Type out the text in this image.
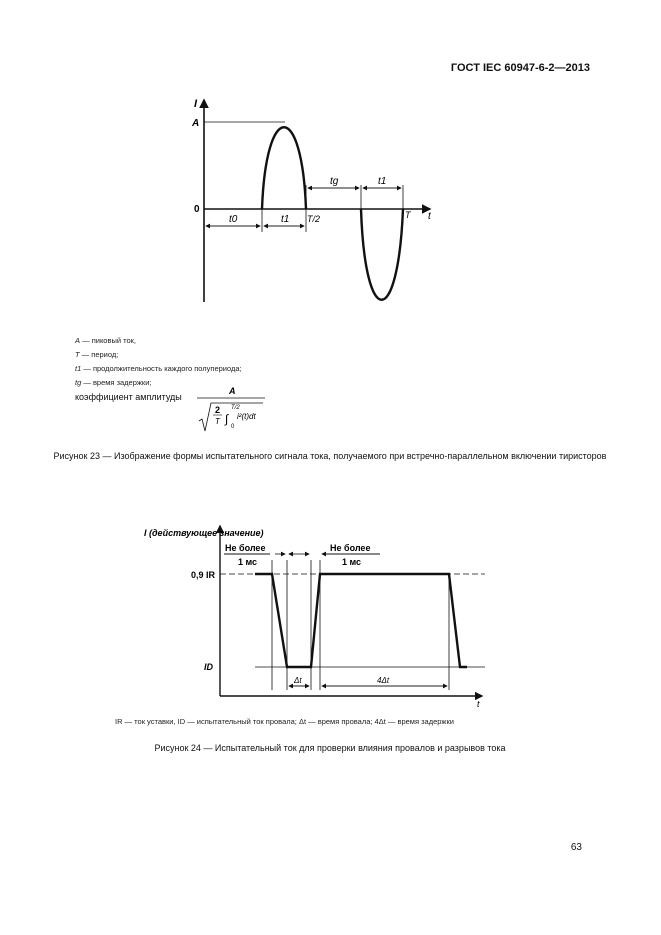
ГОСТ IEC 60947-6-2—2013
I
t
A
0
t0	t1
tg	t1
T/2	T
A — пиковый ток,
T — период;
t1 — продолжительность каждого полупериода;
tg — время задержки;
коэффициент амплитуды
A
2
T ∫
T/2
0
i²(t)dt
Рисунок 23 — Изображение формы испытательного сигнала тока, получаемого при встречно-параллельном включении тиристоров
I (действующее значение)
t
0,9 IR
ID
Не более
1 мс
Не более
1 мс
Δt	4Δt
IR — ток уставки, ID — испытательный ток провала; Δt — время провала; 4Δt — время задержки
Рисунок 24 — Испытательный ток для проверки влияния провалов и разрывов тока
63
